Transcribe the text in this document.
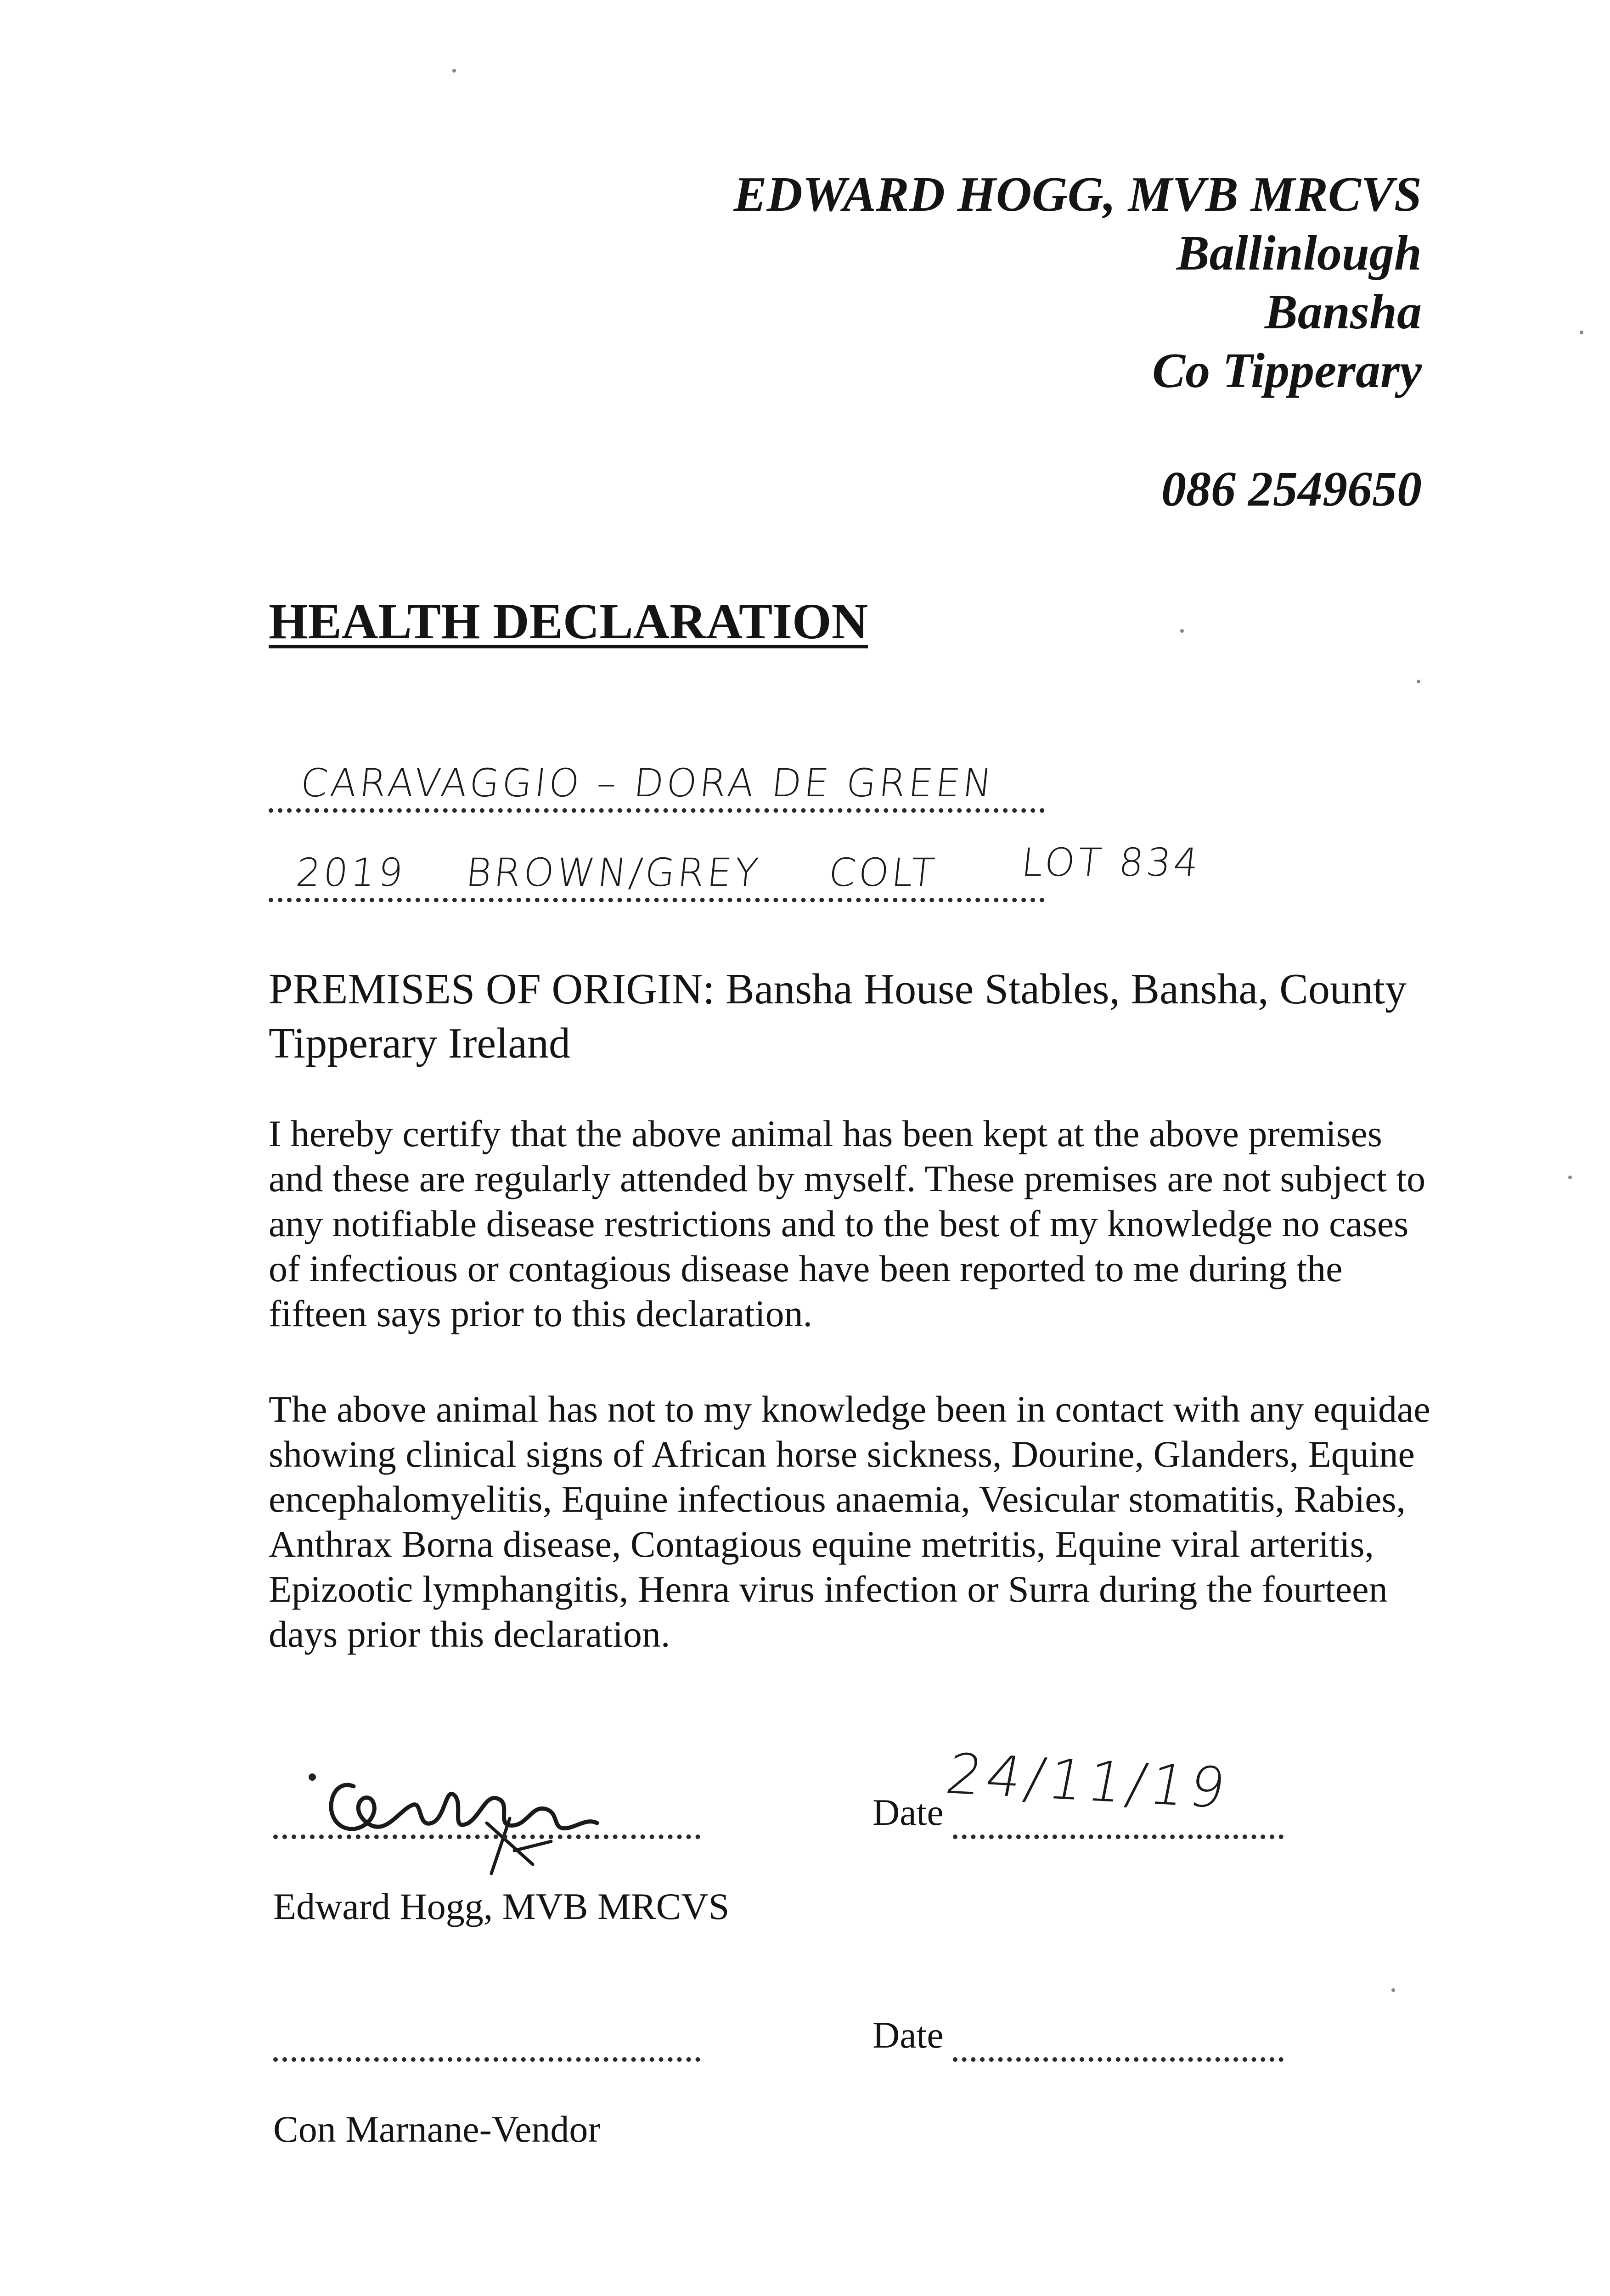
EDWARD HOGG, MVB MRCVS
Ballinlough
Bansha
Co Tipperary
086 2549650
HEALTH DECLARATION
CARAVAGGIO – DORA DE GREEN
2019 BROWN/GREY COLT LOT 834
PREMISES OF ORIGIN: Bansha House Stables, Bansha, County Tipperary Ireland
I hereby certify that the above animal has been kept at the above premises and these are regularly attended by myself. These premises are not subject to any notifiable disease restrictions and to the best of my knowledge no cases of infectious or contagious disease have been reported to me during the fifteen says prior to this declaration.
The above animal has not to my knowledge been in contact with any equidae showing clinical signs of African horse sickness, Dourine, Glanders, Equine encephalomyelitis, Equine infectious anaemia, Vesicular stomatitis, Rabies, Anthrax Borna disease, Contagious equine metritis, Equine viral arteritis, Epizootic lymphangitis, Henra virus infection or Surra during the fourteen days prior this declaration.
Date
24/11/19
Edward Hogg, MVB MRCVS
Date
Con Marnane-Vendor
